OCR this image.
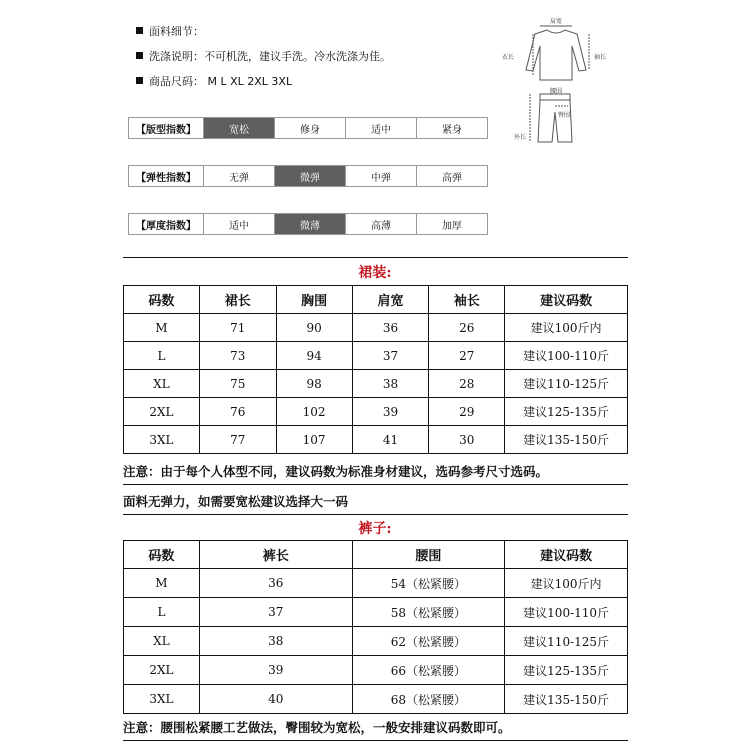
面料细节：
洗涤说明：不可机洗，建议手洗。冷水洗涤为佳。
商品尺码： M L XL 2XL 3XL
肩宽
衣长	袖长
腰围
臀围
外长
【版型指数】	宽松	修身	适中	紧身
【弹性指数】	无弹	微弹	中弹	高弹
【厚度指数】	适中	微薄	高薄	加厚
裙装:
码数	裙长	胸围	肩宽	袖长	建议码数
M	71	90	36	26	建议100斤内
L	73	94	37	27	建议100-110斤
XL	75	98	38	28	建议110-125斤
2XL	76	102	39	29	建议125-135斤
3XL	77	107	41	30	建议135-150斤
注意：由于每个人体型不同，建议码数为标准身材建议，选码参考尺寸选码。
面料无弹力，如需要宽松建议选择大一码
裤子:
码数	裤长	腰围	建议码数
M	36	54（松紧腰）	建议100斤内
L	37	58（松紧腰）	建议100-110斤
XL	38	62（松紧腰）	建议110-125斤
2XL	39	66（松紧腰）	建议125-135斤
3XL	40	68（松紧腰）	建议135-150斤
注意：腰围松紧腰工艺做法，臀围较为宽松，一般安排建议码数即可。
